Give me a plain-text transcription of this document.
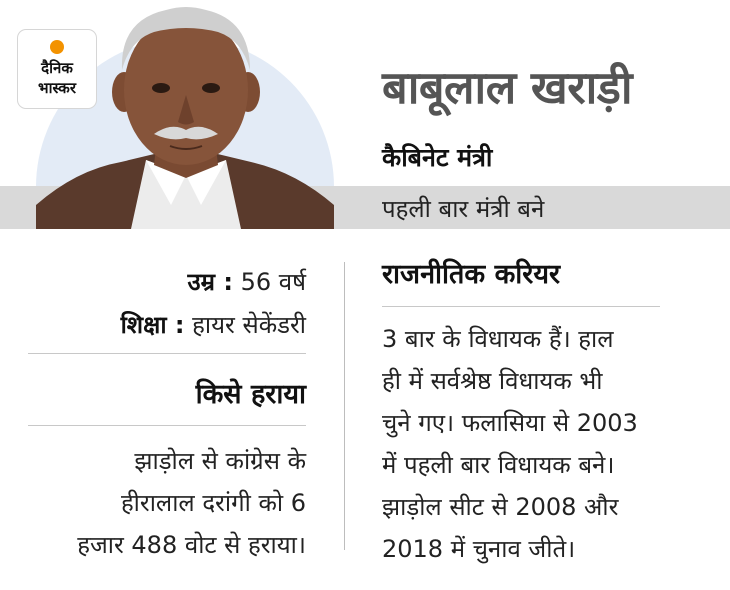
दैनिक
भास्कर	बाबूलाल खराड़ी
कैबिनेट मंत्री
पहली बार मंत्री बने
उम्र : 56 वर्ष
शिक्षा : हायर सेकेंडरी
किसे हराया
झाड़ोल से कांग्रेस के
हीरालाल दरांगी को 6
हजार 488 वोट से हराया।
राजनीतिक करियर
3 बार के विधायक हैं। हाल
ही में सर्वश्रेष्ठ विधायक भी
चुने गए। फलासिया से 2003
में पहली बार विधायक बने।
झाड़ोल सीट से 2008 और
2018 में चुनाव जीते।
